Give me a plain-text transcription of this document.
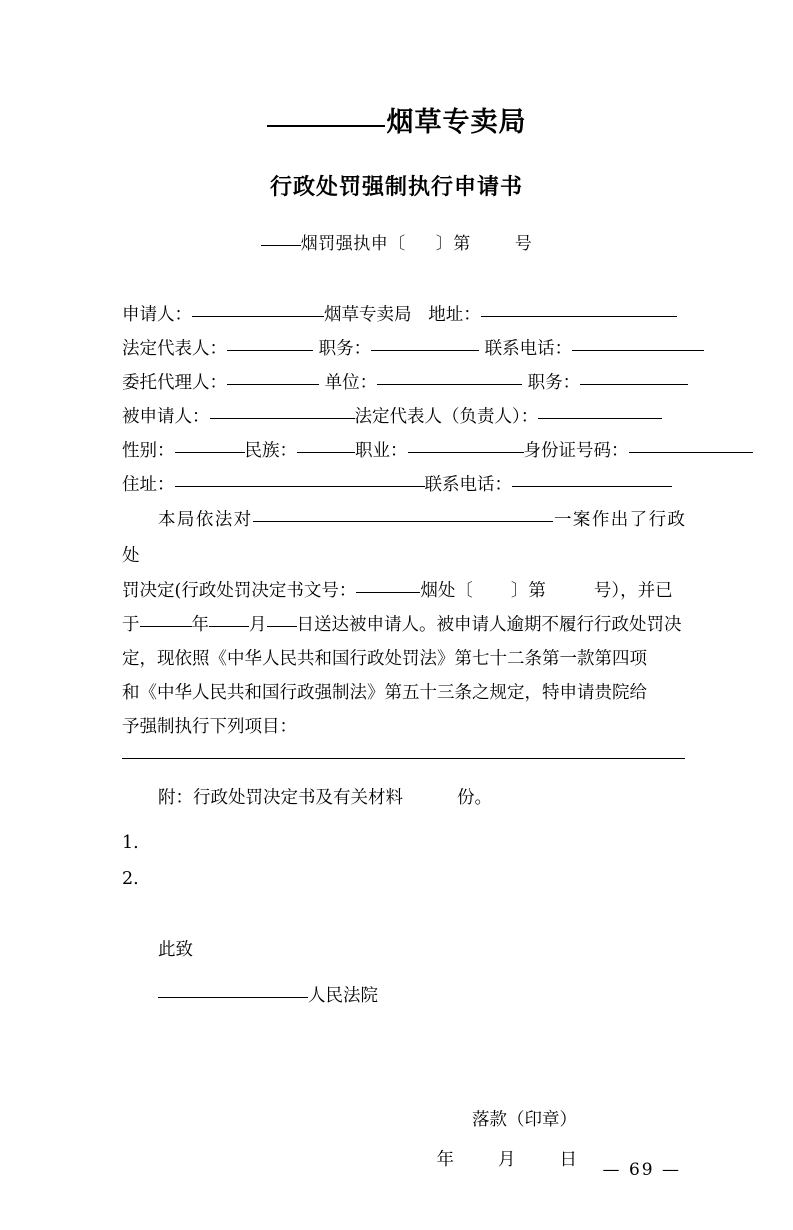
烟草专卖局
行政处罚强制执行申请书
烟罚强执申〔 〕第	号
申请人：	烟草专卖局 地址：
法定代表人：	职务：	联系电话：
委托代理人：	单位：	职务：
被申请人：	法定代表人（负责人）：
性别：	民族：	职业：	身份证号码：
住址：	联系电话：
本局依法对	一案作出了行政处
罚决定(行政处罚决定书文号：	烟处〔 〕第	号），并已
于	年 月 日送达被申请人。被申请人逾期不履行行政处罚决
定，现依照《中华人民共和国行政处罚法》第七十二条第一款第四项
和《中华人民共和国行政强制法》第五十三条之规定，特申请贵院给
予强制执行下列项目：
附：行政处罚决定书及有关材料	份。
1.
2.
此致
人民法院
落款（印章）
年	月	日
— 69 —
